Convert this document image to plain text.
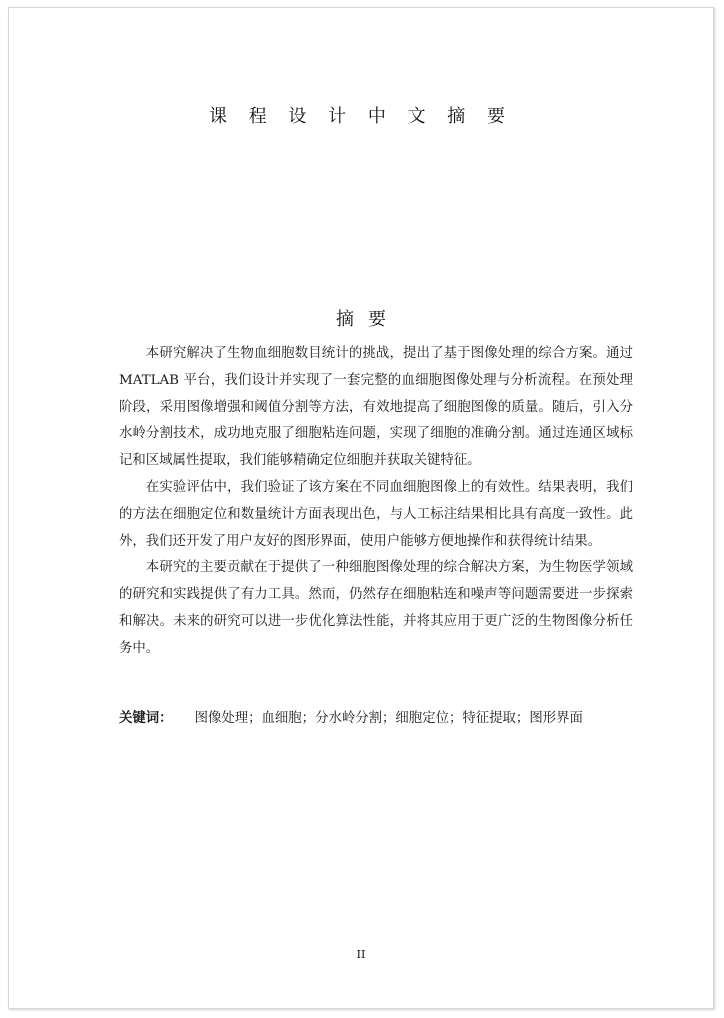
课 程 设 计 中 文 摘 要
摘要

本研究解决了生物血细胞数目统计的挑战，提出了基于图像处理的综合方案。通过 MATLAB 平台，我们设计并实现了一套完整的血细胞图像处理与分析流程。在预处理阶段，采用图像增强和阈值分割等方法，有效地提高了细胞图像的质量。随后，引入分水岭分割技术，成功地克服了细胞粘连问题，实现了细胞的准确分割。通过连通区域标记和区域属性提取，我们能够精确定位细胞并获取关键特征。

在实验评估中，我们验证了该方案在不同血细胞图像上的有效性。结果表明，我们的方法在细胞定位和数量统计方面表现出色，与人工标注结果相比具有高度一致性。此外，我们还开发了用户友好的图形界面，使用户能够方便地操作和获得统计结果。

本研究的主要贡献在于提供了一种细胞图像处理的综合解决方案，为生物医学领域的研究和实践提供了有力工具。然而，仍然存在细胞粘连和噪声等问题需要进一步探索和解决。未来的研究可以进一步优化算法性能，并将其应用于更广泛的生物图像分析任务中。

关键词： 图像处理；血细胞；分水岭分割；细胞定位；特征提取；图形界面
II
